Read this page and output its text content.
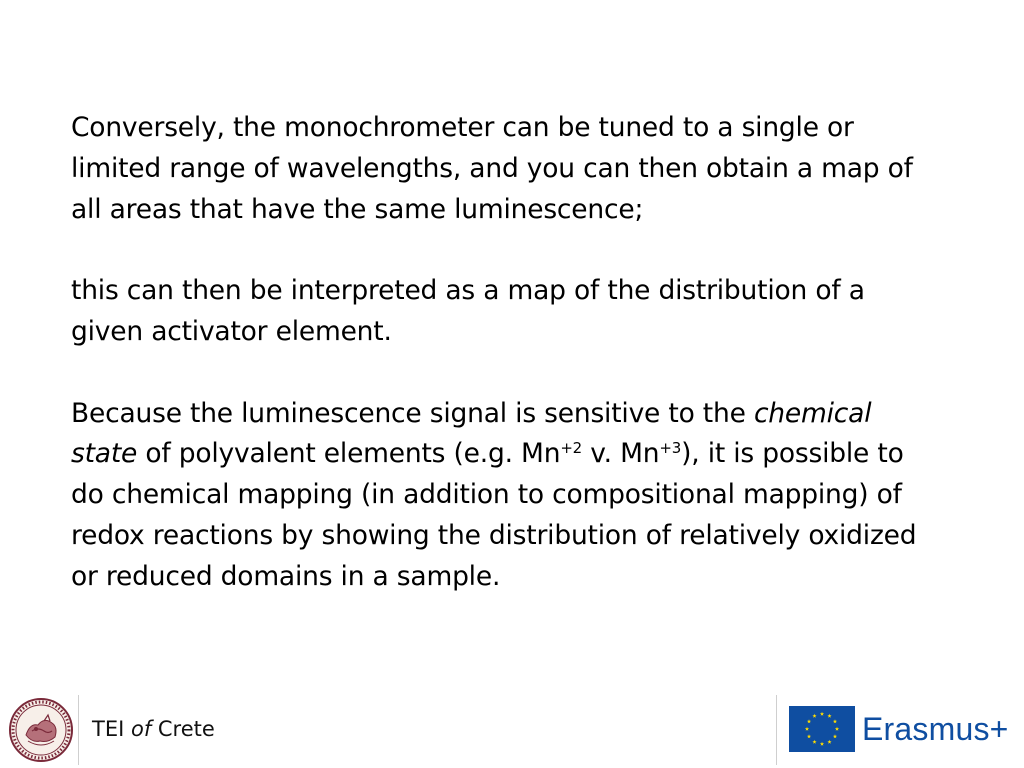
Conversely, the monochrometer can be tuned to a single or

limited range of wavelengths, and you can then obtain a map of

all areas that have the same luminescence;

this can then be interpreted as a map of the distribution of a

given activator element.

Because the luminescence signal is sensitive to the chemical

state of polyvalent elements (e.g. $Mn^{+2}$ v. $Mn^{+3}$), it is possible to

do chemical mapping (in addition to compositional mapping) of

redox reactions by showing the distribution of relatively oxidized

or reduced domains in a sample.

TEI of Crete	Erasmus+
